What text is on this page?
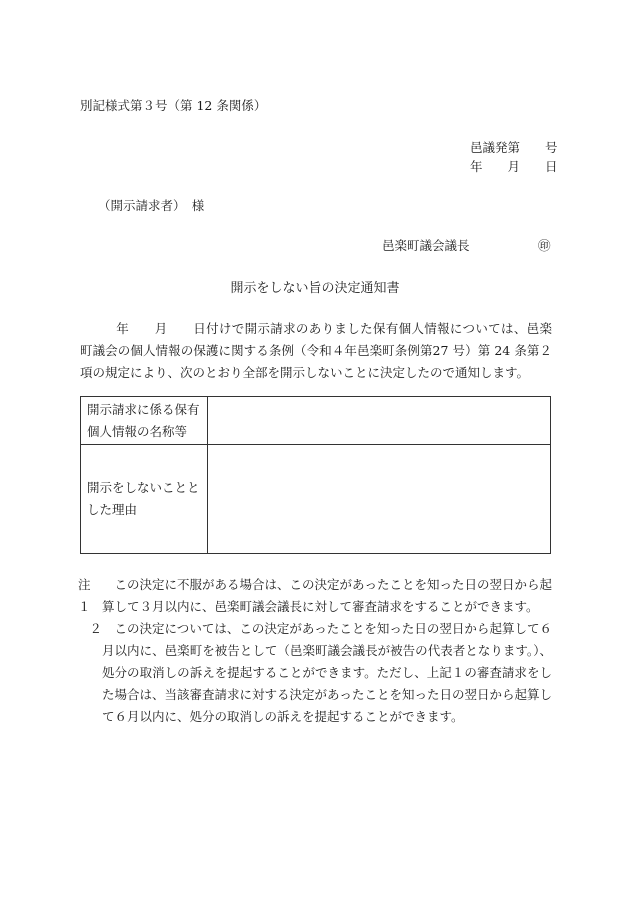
別記様式第３号（第 12 条関係）
邑議発第　　号
年　　月　　日
（開示請求者）　様
邑楽町議会議長	㊞
開示をしない旨の決定通知書
年　　月　　日付けで開示請求のありました保有個人情報については、邑楽町議会の個人情報の保護に関する条例（令和４年邑楽町条例第27 号）第 24 条第２項の規定により、次のとおり全部を開示しないことに決定したので通知します。
開示請求に係る保有個人情報の名称等	
開示をしないこととした理由	
注１
この決定に不服がある場合は、この決定があったことを知った日の翌日から起算して３月以内に、邑楽町議会議長に対して審査請求をすることができます。
２	この決定については、この決定があったことを知った日の翌日から起算して６月以内に、邑楽町を被告として（邑楽町議会議長が被告の代表者となります。）、処分の取消しの訴えを提起することができます。ただし、上記１の審査請求をした場合は、当該審査請求に対する決定があったことを知った日の翌日から起算して６月以内に、処分の取消しの訴えを提起することができます。
